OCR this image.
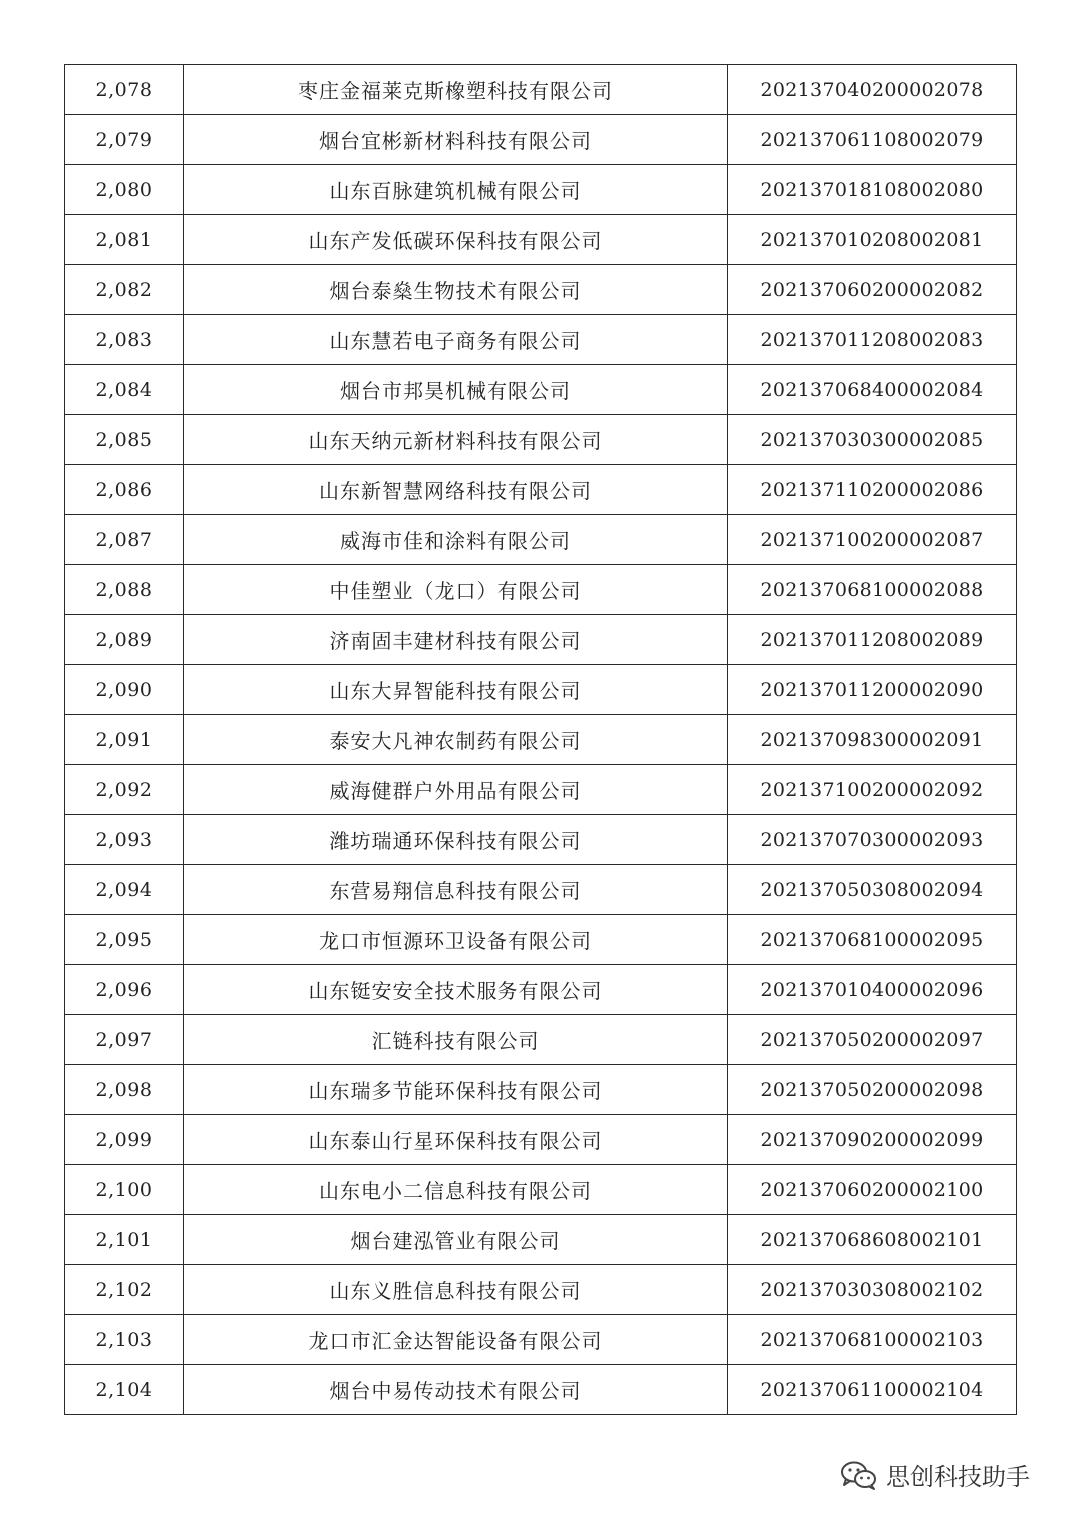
2,078	枣庄金福莱克斯橡塑科技有限公司	202137040200002078
2,079	烟台宜彬新材料科技有限公司	202137061108002079
2,080	山东百脉建筑机械有限公司	202137018108002080
2,081	山东产发低碳环保科技有限公司	202137010208002081
2,082	烟台泰燊生物技术有限公司	202137060200002082
2,083	山东慧若电子商务有限公司	202137011208002083
2,084	烟台市邦昊机械有限公司	202137068400002084
2,085	山东天纳元新材料科技有限公司	202137030300002085
2,086	山东新智慧网络科技有限公司	202137110200002086
2,087	威海市佳和涂料有限公司	202137100200002087
2,088	中佳塑业（龙口）有限公司	202137068100002088
2,089	济南固丰建材科技有限公司	202137011208002089
2,090	山东大昇智能科技有限公司	202137011200002090
2,091	泰安大凡神农制药有限公司	202137098300002091
2,092	威海健群户外用品有限公司	202137100200002092
2,093	潍坊瑞通环保科技有限公司	202137070300002093
2,094	东营易翔信息科技有限公司	202137050308002094
2,095	龙口市恒源环卫设备有限公司	202137068100002095
2,096	山东铤安安全技术服务有限公司	202137010400002096
2,097	汇链科技有限公司	202137050200002097
2,098	山东瑞多节能环保科技有限公司	202137050200002098
2,099	山东泰山行星环保科技有限公司	202137090200002099
2,100	山东电小二信息科技有限公司	202137060200002100
2,101	烟台建泓管业有限公司	202137068608002101
2,102	山东义胜信息科技有限公司	202137030308002102
2,103	龙口市汇金达智能设备有限公司	202137068100002103
2,104	烟台中易传动技术有限公司	202137061100002104
思创科技助手
